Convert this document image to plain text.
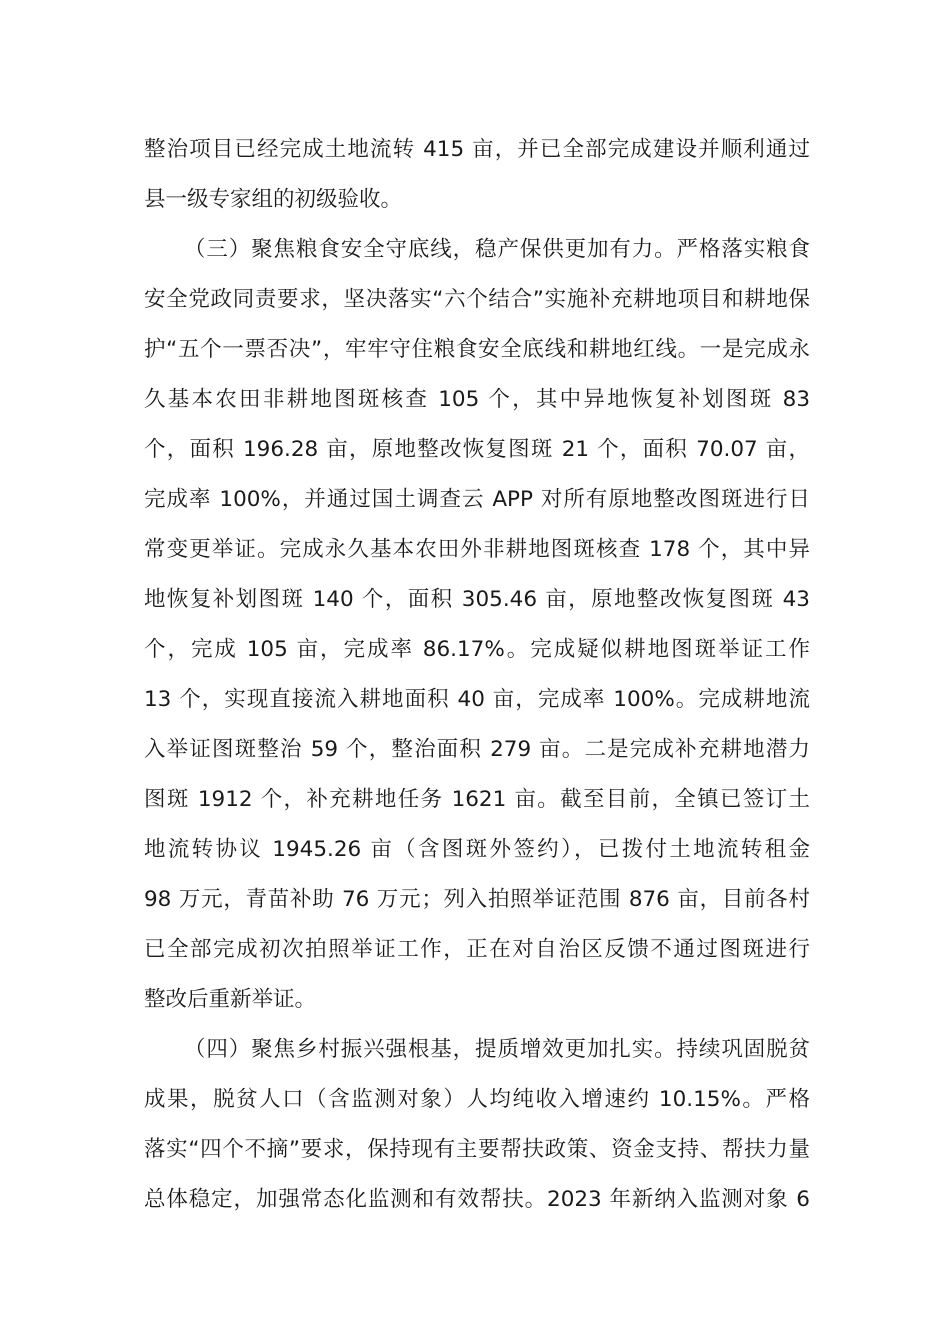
整治项目已经完成土地流转 415 亩，并已全部完成建设并顺利通过
县一级专家组的初级验收。
（三）聚焦粮食安全守底线，稳产保供更加有力。严格落实粮食
安全党政同责要求，坚决落实“六个结合”实施补充耕地项目和耕地保
护“五个一票否决”，牢牢守住粮食安全底线和耕地红线。一是完成永
久基本农田非耕地图斑核查 105 个，其中异地恢复补划图斑 83
个，面积 196.28 亩，原地整改恢复图斑 21 个，面积 70.07 亩，
完成率 100%，并通过国土调查云 APP 对所有原地整改图斑进行日
常变更举证。完成永久基本农田外非耕地图斑核查 178 个，其中异
地恢复补划图斑 140 个，面积 305.46 亩，原地整改恢复图斑 43
个，完成 105 亩，完成率 86.17%。完成疑似耕地图斑举证工作
13 个，实现直接流入耕地面积 40 亩，完成率 100%。完成耕地流
入举证图斑整治 59 个，整治面积 279 亩。二是完成补充耕地潜力
图斑 1912 个，补充耕地任务 1621 亩。截至目前，全镇已签订土
地流转协议 1945.26 亩（含图斑外签约），已拨付土地流转租金
98 万元，青苗补助 76 万元；列入拍照举证范围 876 亩，目前各村
已全部完成初次拍照举证工作，正在对自治区反馈不通过图斑进行
整改后重新举证。
（四）聚焦乡村振兴强根基，提质增效更加扎实。持续巩固脱贫
成果，脱贫人口（含监测对象）人均纯收入增速约 10.15%。严格
落实“四个不摘”要求，保持现有主要帮扶政策、资金支持、帮扶力量
总体稳定，加强常态化监测和有效帮扶。2023 年新纳入监测对象 6
